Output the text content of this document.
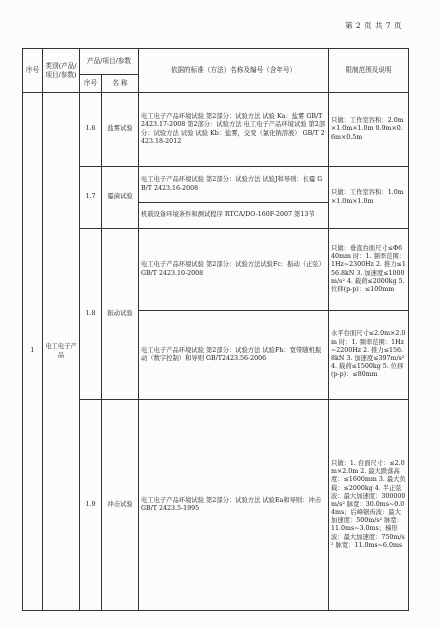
第 2 页 共 7 页
序号	类别(产品/项目/参数)	产品/项目/参数		依据的标准（方法）名称及编号（含年号）	限制范围及说明
		序号	名 称		
1	电工电子产品	1.6	盐雾试验	电工电子产品环境试验 第2部分：试验方法 试验 Ka：盐雾 GB/T 2423.17-2008 第2部分：试验方法 电工电子产品环境试验 第2部分：试验方法 试验 试验 Kb：盐雾，交变（氯化钠溶液） GB/T 2423.18-2012	只做：工作室容积：2.0m×1.0m×1.0m 0.9m×0.6m×0.5m
		1.7	霉菌试验	电工电子产品环境试验 第2部分：试验方法 试验J和导则：长霉 GB/T 2423.16-2008	只做：工作室容积：1.0m×1.0m×1.0m
				机载设备环境条件和测试程序 RTCA/DO-160F-2007 第13节	
		1.8	振动试验	电工电子产品环境试验 第2部分：试验方法试验Fc：振动（正弦） GB/T 2423.10-2008	只做：垂直台面尺寸≤Φ640mm 时：1. 频率范围：1Hz~2300Hz 2. 推力≤156.8kN 3. 加速度≤1000m/s² 4. 载荷≤2000kg 5. 位移(p-p)：≤100mm
				电工电子产品环境试验 第2部分：试验方法 试验Fh：宽带随机振动（数字控制）和导则 GB/T2423.56-2006	水平台面尺寸≤2.0m×2.0m 时：1. 频率范围：1Hz~2200Hz 2. 推力≤156.8kN 3. 加速度≤397m/s² 4. 载荷≤1500kg 5. 位移(p-p)：≤80mm
		1.9	冲击试验	电工电子产品环境试验 第2部分：试验方法 试验Ea和导则：冲击 GB/T 2423.5-1995	只做：1. 台面尺寸：≤2.0m×2.0m 2. 最大跌落高度：≤1600mm 3. 最大负载：≤2000kg 4. 半正弦波：最大加速度：300000m/s² 脉宽：30.0ms~0.04ms；后峰锯齿波：最大加速度：500m/s² 脉宽：11.0ms~3.0ms；梯形波：最大加速度：750m/s² 脉宽：11.0ms~6.0ms
